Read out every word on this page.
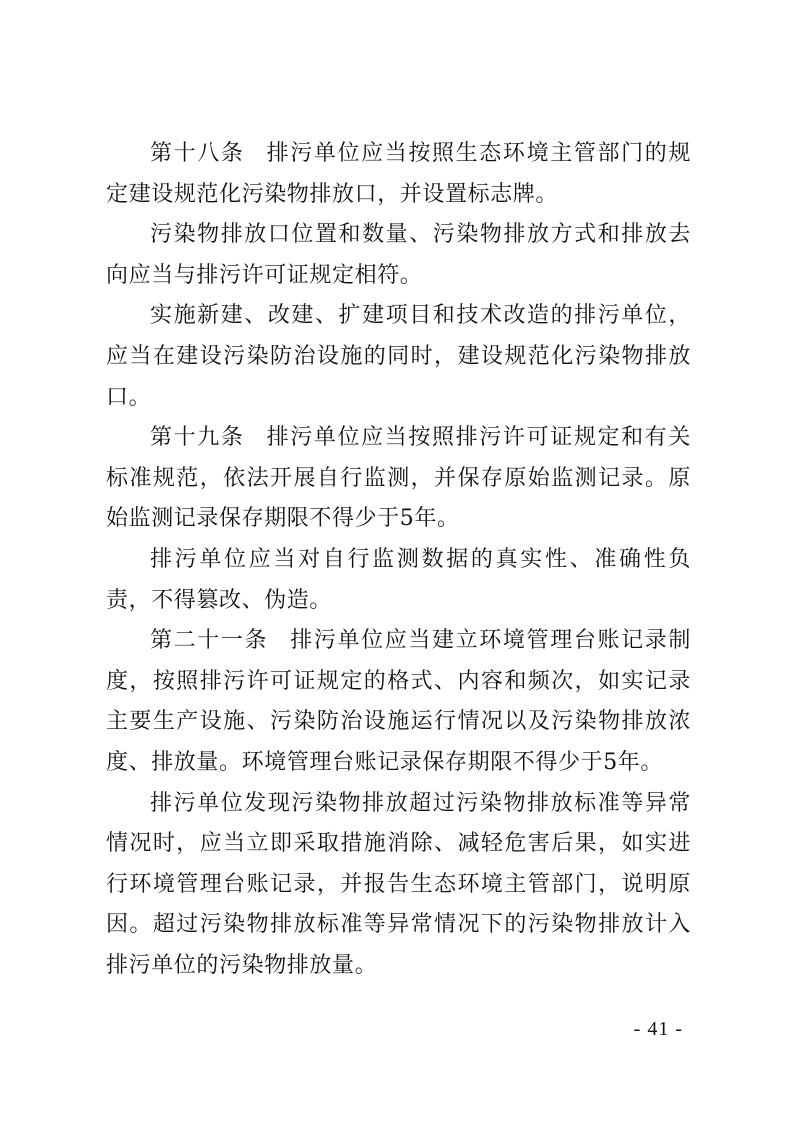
第十八条 排污单位应当按照生态环境主管部门的规定建设规范化污染物排放口，并设置标志牌。

污染物排放口位置和数量、污染物排放方式和排放去向应当与排污许可证规定相符。

实施新建、改建、扩建项目和技术改造的排污单位，应当在建设污染防治设施的同时，建设规范化污染物排放口。

第十九条 排污单位应当按照排污许可证规定和有关标准规范，依法开展自行监测，并保存原始监测记录。原始监测记录保存期限不得少于5年。

排污单位应当对自行监测数据的真实性、准确性负责，不得篡改、伪造。

第二十一条 排污单位应当建立环境管理台账记录制度，按照排污许可证规定的格式、内容和频次，如实记录主要生产设施、污染防治设施运行情况以及污染物排放浓度、排放量。环境管理台账记录保存期限不得少于5年。

排污单位发现污染物排放超过污染物排放标准等异常情况时，应当立即采取措施消除、减轻危害后果，如实进行环境管理台账记录，并报告生态环境主管部门，说明原因。超过污染物排放标准等异常情况下的污染物排放计入排污单位的污染物排放量。

- 41 -
